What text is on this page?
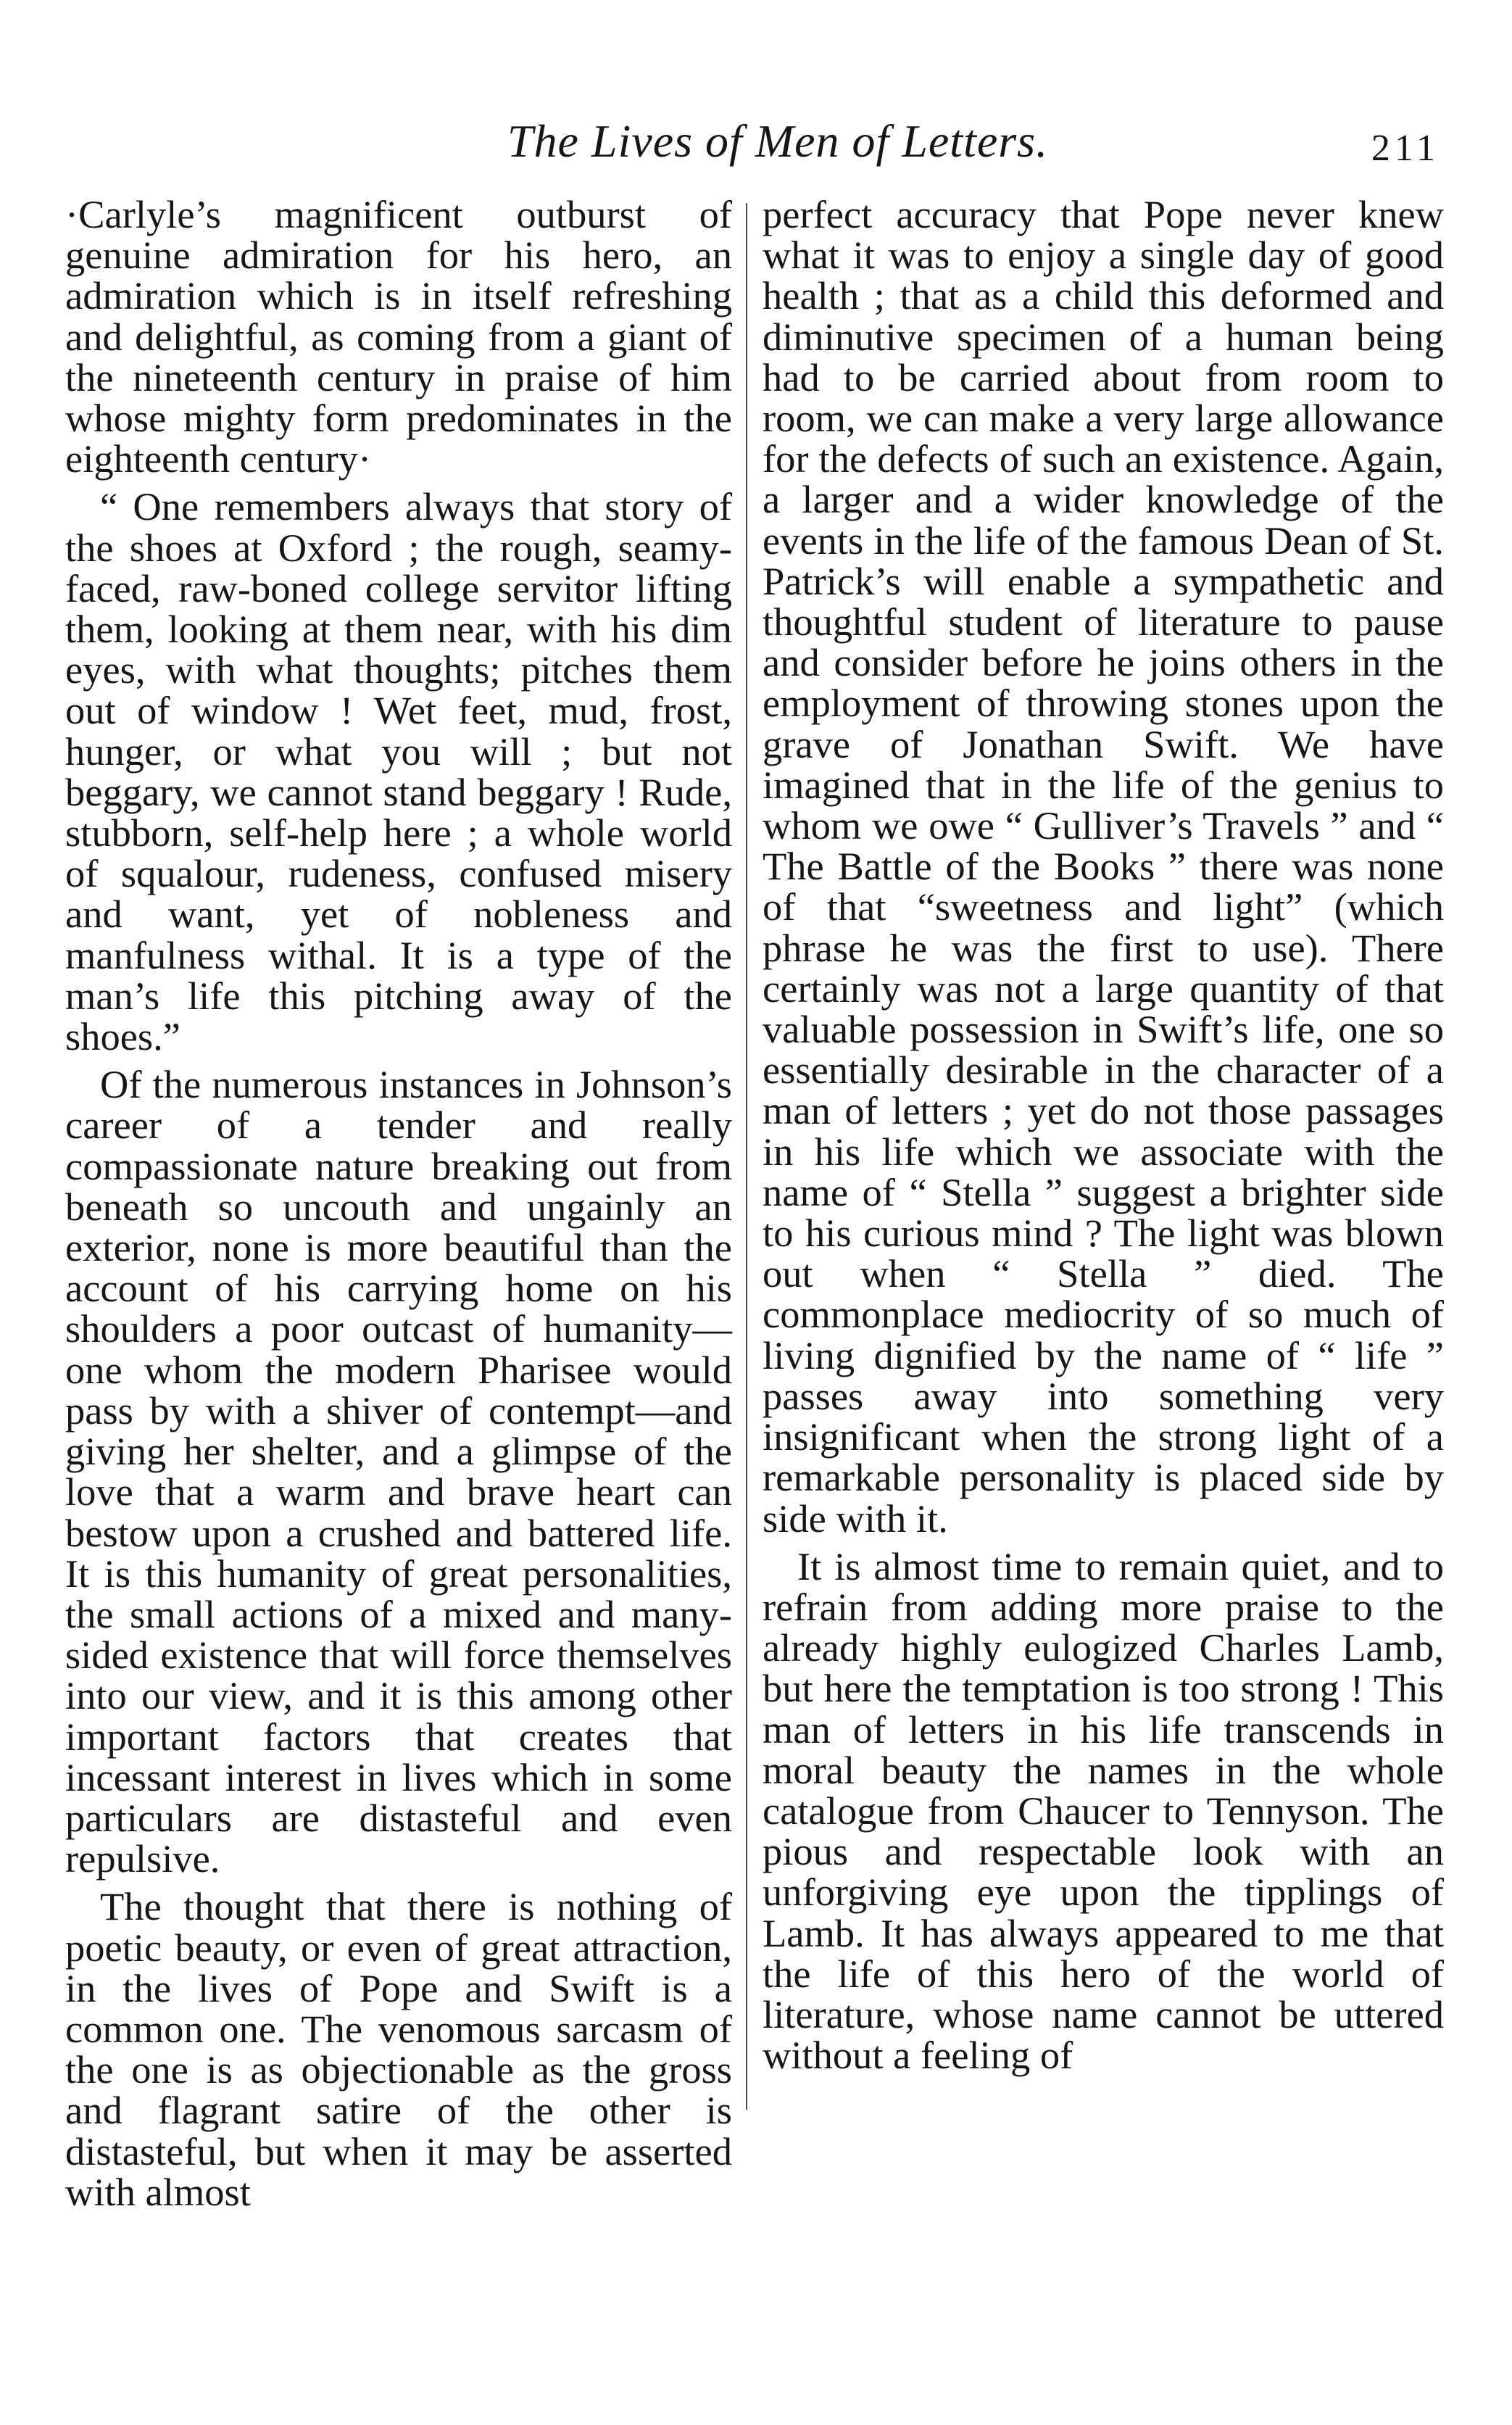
The Lives of Men of Letters.	211

·Carlyle’s magnificent outburst of genuine admiration for his hero, an admiration which is in itself refreshing and delightful, as coming from a giant of the nineteenth century in praise of him whose mighty form predominates in the eighteenth century·

“ One remembers always that story of the shoes at Oxford ; the rough, seamy-faced, raw-boned college servitor lifting them, looking at them near, with his dim eyes, with what thoughts; pitches them out of window ! Wet feet, mud, frost, hunger, or what you will ; but not beggary, we cannot stand beggary ! Rude, stubborn, self-help here ; a whole world of squalour, rudeness, confused misery and want, yet of nobleness and manfulness withal. It is a type of the man’s life this pitching away of the shoes.”

Of the numerous instances in Johnson’s career of a tender and really compassionate nature breaking out from beneath so uncouth and ungainly an exterior, none is more beautiful than the account of his carrying home on his shoulders a poor outcast of humanity—one whom the modern Pharisee would pass by with a shiver of contempt—and giving her shelter, and a glimpse of the love that a warm and brave heart can bestow upon a crushed and battered life. It is this humanity of great personalities, the small actions of a mixed and many-sided existence that will force themselves into our view, and it is this among other important factors that creates that incessant interest in lives which in some particulars are distasteful and even repulsive.

The thought that there is nothing of poetic beauty, or even of great attraction, in the lives of Pope and Swift is a common one. The venomous sarcasm of the one is as objectionable as the gross and flagrant satire of the other is distasteful, but when it may be asserted with almost

perfect accuracy that Pope never knew what it was to enjoy a single day of good health ; that as a child this deformed and diminutive specimen of a human being had to be carried about from room to room, we can make a very large allowance for the defects of such an existence. Again, a larger and a wider knowledge of the events in the life of the famous Dean of St. Patrick’s will enable a sympathetic and thoughtful student of literature to pause and consider before he joins others in the employment of throwing stones upon the grave of Jonathan Swift. We have imagined that in the life of the genius to whom we owe “ Gulliver’s Travels ” and “ The Battle of the Books ” there was none of that “sweetness and light” (which phrase he was the first to use). There certainly was not a large quantity of that valuable possession in Swift’s life, one so essentially desirable in the character of a man of letters ; yet do not those passages in his life which we associate with the name of “ Stella ” suggest a brighter side to his curious mind ? The light was blown out when “ Stella ” died. The commonplace mediocrity of so much of living dignified by the name of “ life ” passes away into something very insignificant when the strong light of a remarkable personality is placed side by side with it.

It is almost time to remain quiet, and to refrain from adding more praise to the already highly eulogized Charles Lamb, but here the temptation is too strong ! This man of letters in his life transcends in moral beauty the names in the whole catalogue from Chaucer to Tennyson. The pious and respectable look with an unforgiving eye upon the tipplings of Lamb. It has always appeared to me that the life of this hero of the world of literature, whose name cannot be uttered without a feeling of
